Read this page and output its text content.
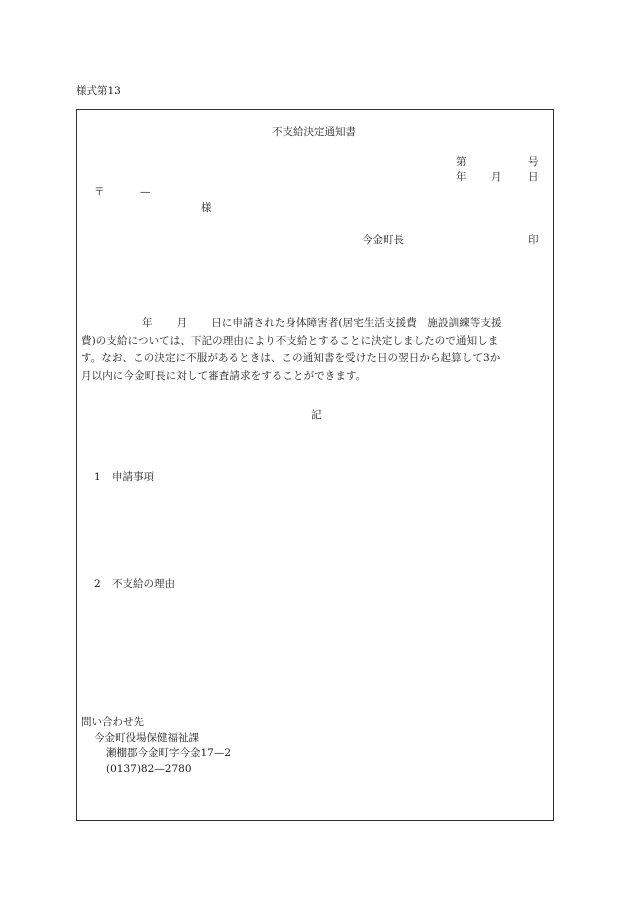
様式第13
不支給決定通知書
第	号
年 月	日
〒	—
様
今金町長	印
年 月 日に申請された身体障害者(居宅生活支援費　施設訓練等支援
費)の支給については、下記の理由により不支給とすることに決定しましたので通知しま
す。なお、この決定に不服があるときは、この通知書を受けた日の翌日から起算して3か
月以内に今金町長に対して審査請求をすることができます。
記
1 申請事項
2 不支給の理由
問い合わせ先
今金町役場保健福祉課
瀬棚郡今金町字今金17—2
(0137)82—2780
